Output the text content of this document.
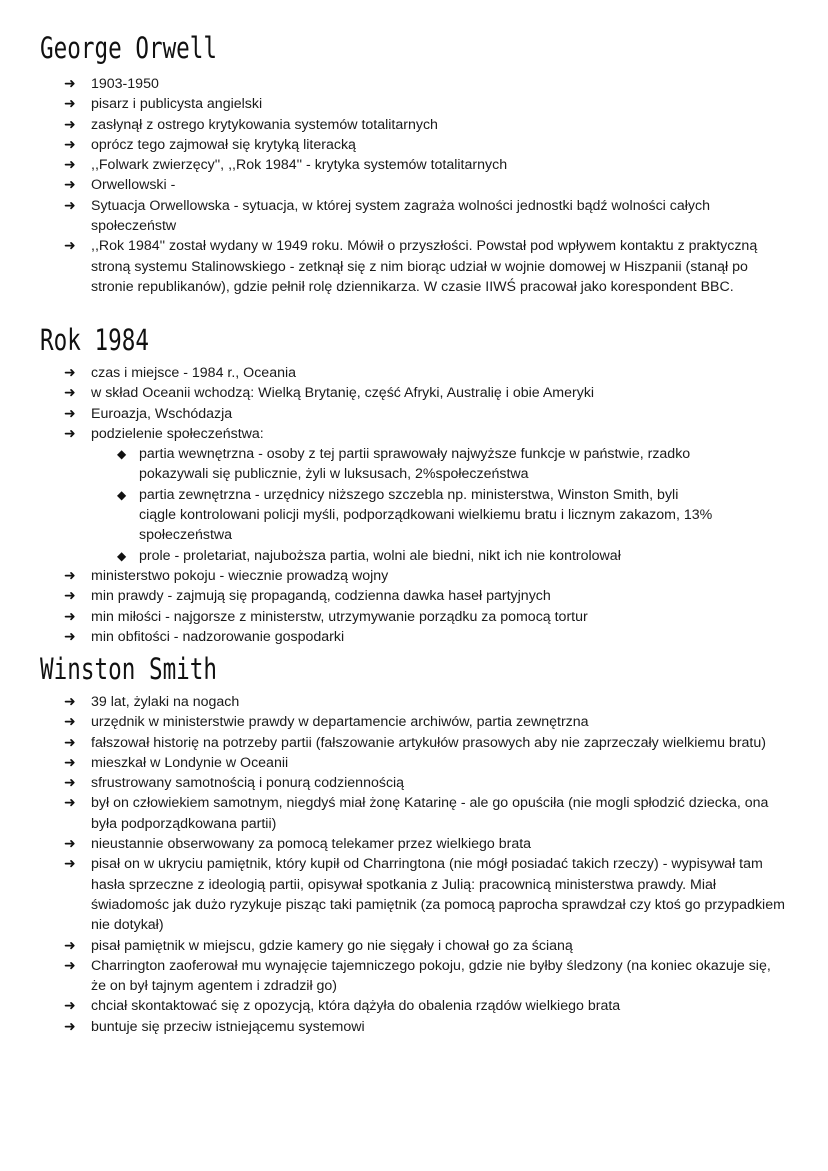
George Orwell
➜ 1903-1950
➜ pisarz i publicysta angielski
➜ zasłynął z ostrego krytykowania systemów totalitarnych
➜ oprócz tego zajmował się krytyką literacką
➜ ,,Folwark zwierzęcy'', ,,Rok 1984'' - krytyka systemów totalitarnych
➜ Orwellowski -
➜ Sytuacja Orwellowska - sytuacja, w której system zagraża wolności jednostki bądź wolności całych społeczeństw
➜ ,,Rok 1984'' został wydany w 1949 roku. Mówił o przyszłości. Powstał pod wpływem kontaktu z praktyczną stroną systemu Stalinowskiego - zetknął się z nim biorąc udział w wojnie domowej w Hiszpanii (stanął po stronie republikanów), gdzie pełnił rolę dziennikarza. W czasie IIWŚ pracował jako korespondent BBC.
Rok 1984
➜ czas i miejsce - 1984 r., Oceania
➜ w skład Oceanii wchodzą: Wielką Brytanię, część Afryki, Australię i obie Ameryki
➜ Euroazja, Wschódazja
➜ podzielenie społeczeństwa:
◆ partia wewnętrzna - osoby z tej partii sprawowały najwyższe funkcje w państwie, rzadko pokazywali się publicznie, żyli w luksusach, 2%społeczeństwa
◆ partia zewnętrzna - urzędnicy niższego szczebla np. ministerstwa, Winston Smith, byli ciągle kontrolowani policji myśli, podporządkowani wielkiemu bratu i licznym zakazom, 13% społeczeństwa
◆ prole - proletariat, najuboższa partia, wolni ale biedni, nikt ich nie kontrolował
➜ ministerstwo pokoju - wiecznie prowadzą wojny
➜ min prawdy - zajmują się propagandą, codzienna dawka haseł partyjnych
➜ min miłości - najgorsze z ministerstw, utrzymywanie porządku za pomocą tortur
➜ min obfitości - nadzorowanie gospodarki
Winston Smith
➜ 39 lat, żylaki na nogach
➜ urzędnik w ministerstwie prawdy w departamencie archiwów, partia zewnętrzna
➜ fałszował historię na potrzeby partii (fałszowanie artykułów prasowych aby nie zaprzeczały wielkiemu bratu)
➜ mieszkał w Londynie w Oceanii
➜ sfrustrowany samotnością i ponurą codziennością
➜ był on człowiekiem samotnym, niegdyś miał żonę Katarinę - ale go opuściła (nie mogli spłodzić dziecka, ona była podporządkowana partii)
➜ nieustannie obserwowany za pomocą telekamer przez wielkiego brata
➜ pisał on w ukryciu pamiętnik, który kupił od Charringtona (nie mógł posiadać takich rzeczy) - wypisywał tam hasła sprzeczne z ideologią partii, opisywał spotkania z Julią: pracownicą ministerstwa prawdy. Miał świadomośc jak dużo ryzykuje pisząc taki pamiętnik (za pomocą paprocha sprawdzał czy ktoś go przypadkiem nie dotykał)
➜ pisał pamiętnik w miejscu, gdzie kamery go nie sięgały i chował go za ścianą
➜ Charrington zaoferował mu wynajęcie tajemniczego pokoju, gdzie nie byłby śledzony (na koniec okazuje się, że on był tajnym agentem i zdradził go)
➜ chciał skontaktować się z opozycją, która dążyła do obalenia rządów wielkiego brata
➜ buntuje się przeciw istniejącemu systemowi
